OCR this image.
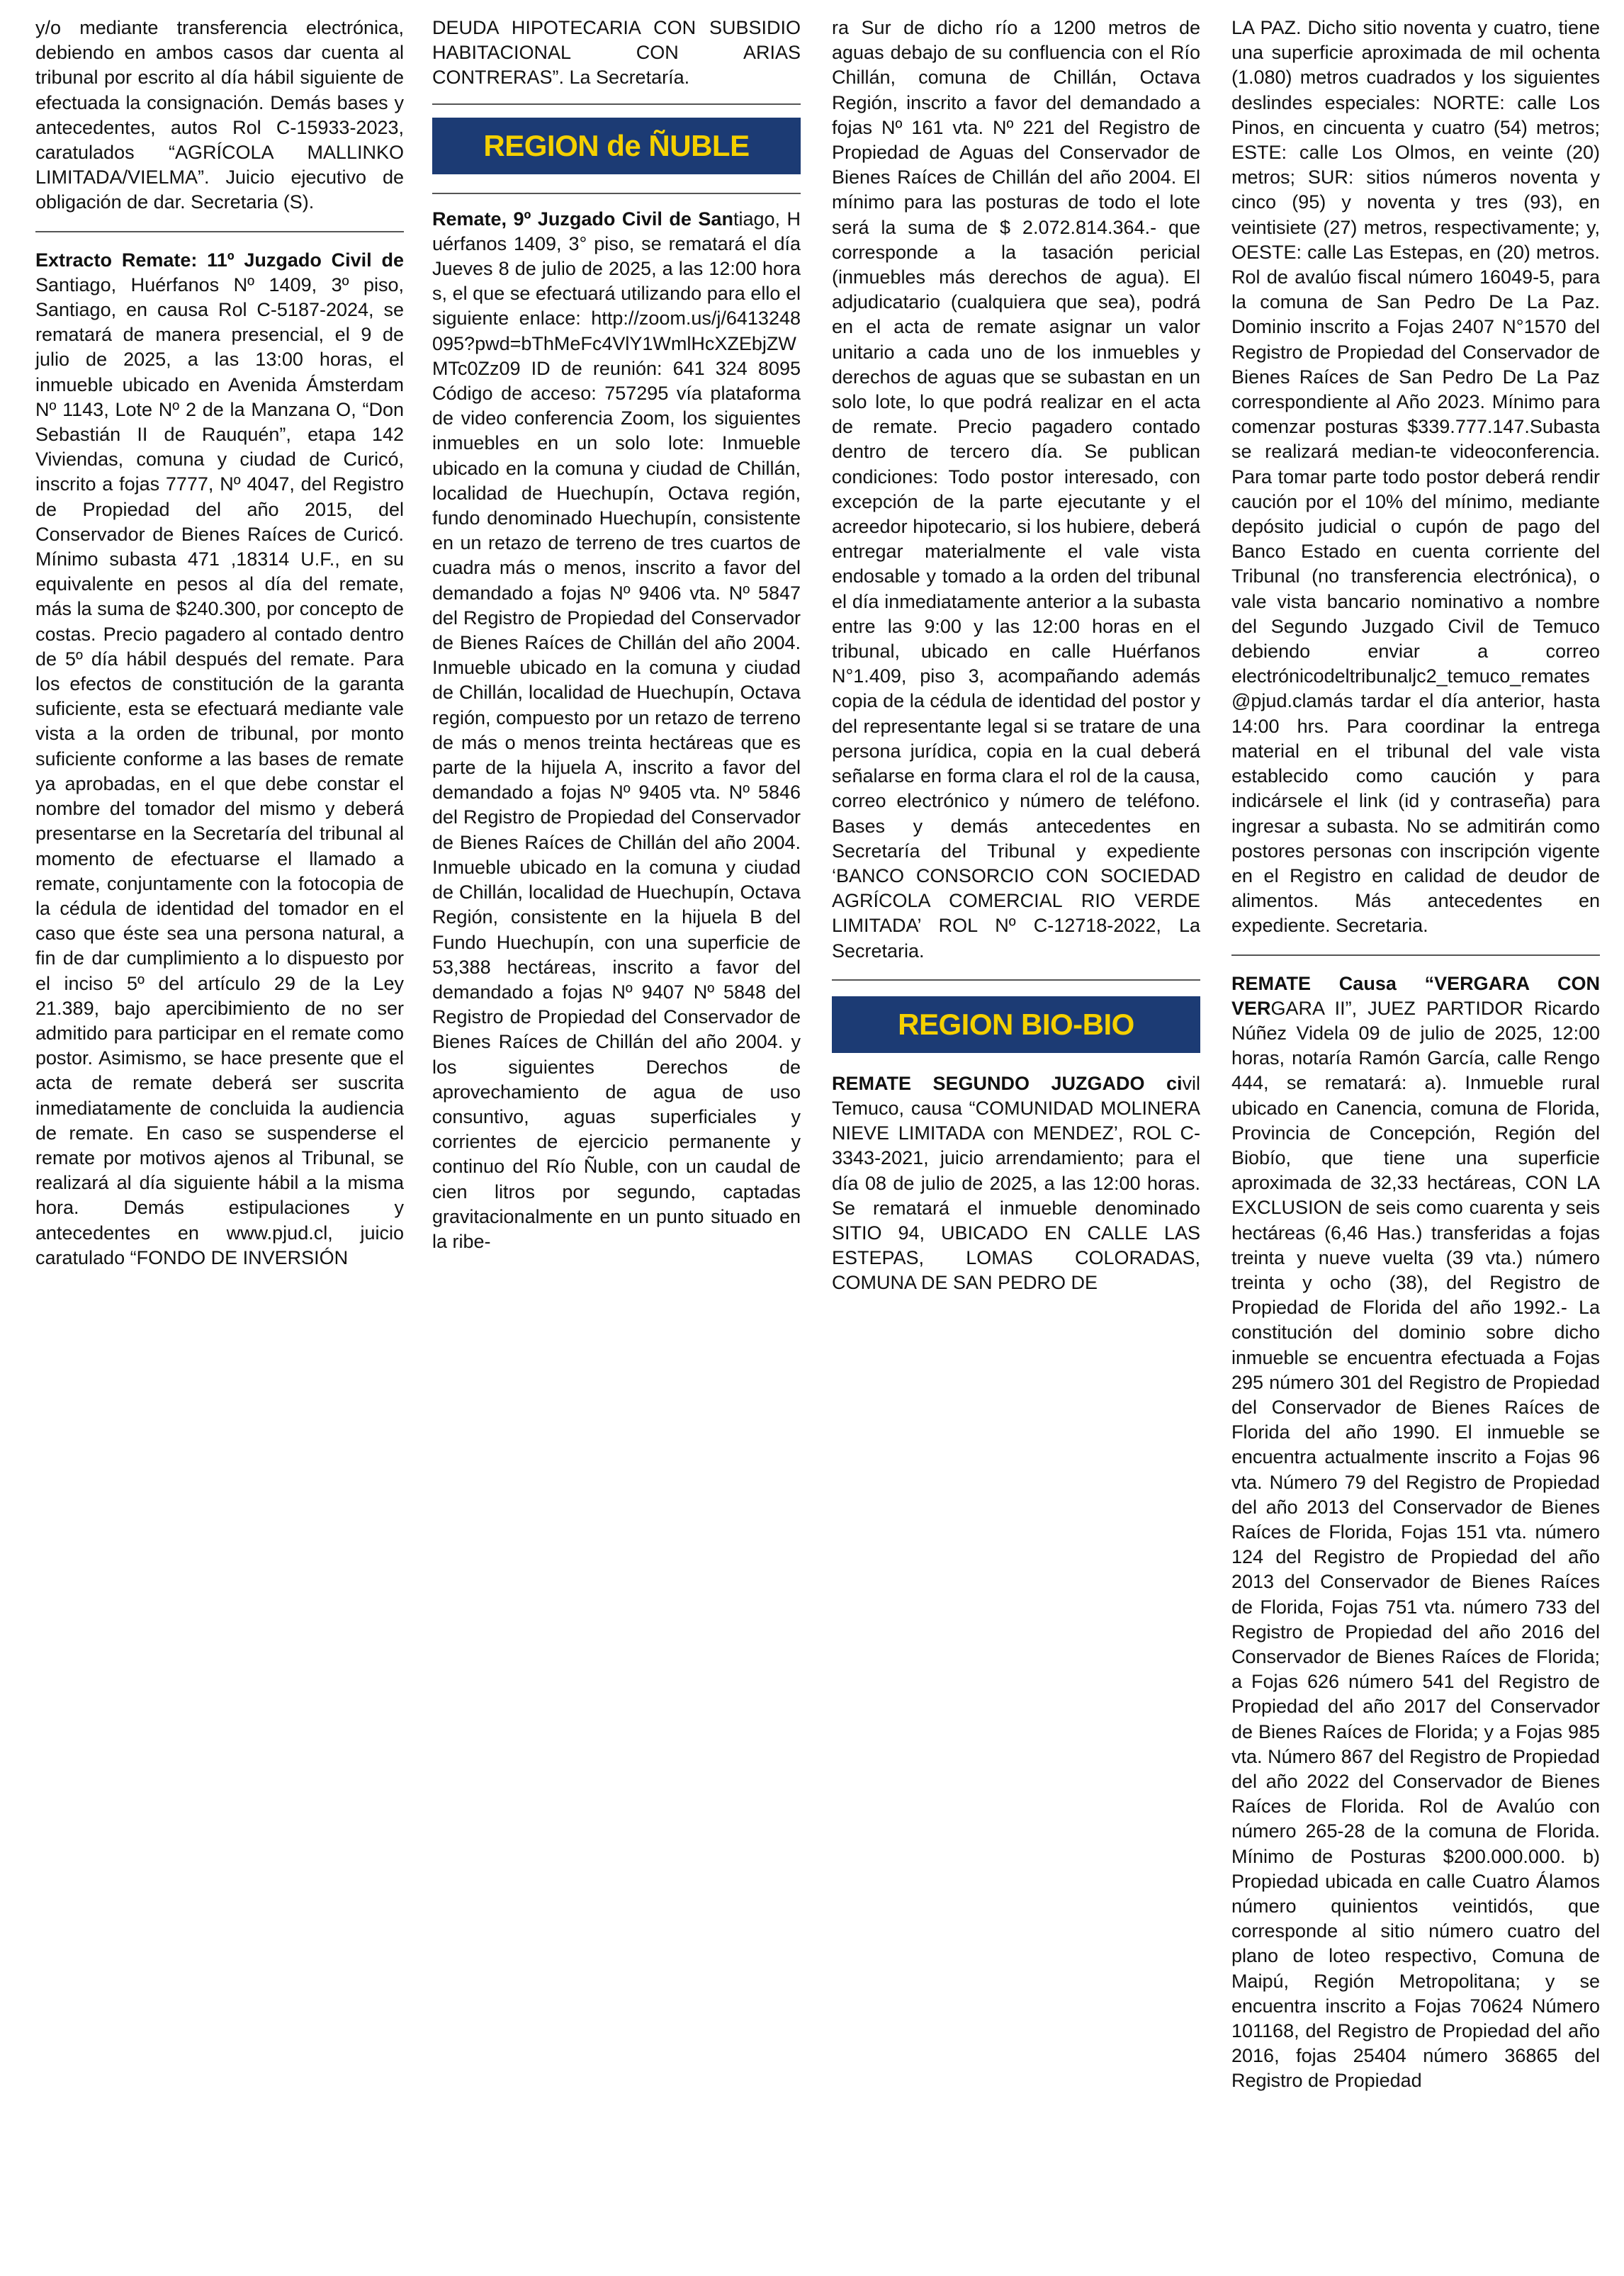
y/o mediante transferencia electrónica, debiendo en ambos casos dar cuenta al tribunal por escrito al día hábil siguiente de efectuada la consignación. Demás bases y antecedentes, autos Rol C-15933-2023, caratulados “AGRÍCOLA MALLINKO LIMITADA/VIELMA”. Juicio ejecutivo de obligación de dar. Secretaria (S).

Extracto Remate: 11º Juzgado Civil de Santiago, Huérfanos Nº 1409, 3º piso, Santiago, en causa Rol C-5187-2024, se rematará de manera presencial, el 9 de julio de 2025, a las 13:00 horas, el inmueble ubicado en Avenida Ámsterdam Nº 1143, Lote Nº 2 de la Manzana O, “Don Sebastián II de Rauquén”, etapa 142 Viviendas, comuna y ciudad de Curicó, inscrito a fojas 7777, Nº 4047, del Registro de Propiedad del año 2015, del Conservador de Bienes Raíces de Curicó. Mínimo subasta 471 ,18314 U.F., en su equivalente en pesos al día del remate, más la suma de $240.300, por concepto de costas. Precio pagadero al contado dentro de 5º día hábil después del remate. Para los efectos de constitución de la garanta suficiente, esta se efectuará mediante vale vista a la orden de tribunal, por monto suficiente conforme a las bases de remate ya aprobadas, en el que debe constar el nombre del tomador del mismo y deberá presentarse en la Secretaría del tribunal al momento de efectuarse el llamado a remate, conjuntamente con la fotocopia de la cédula de identidad del tomador en el caso que éste sea una persona natural, a fin de dar cumplimiento a lo dispuesto por el inciso 5º del artículo 29 de la Ley 21.389, bajo apercibimiento de no ser admitido para participar en el remate como postor. Asimismo, se hace presente que el acta de remate deberá ser suscrita inmediatamente de concluida la audiencia de remate. En caso se suspenderse el remate por motivos ajenos al Tribunal, se realizará al día siguiente hábil a la misma hora. Demás estipulaciones y antecedentes en www.pjud.cl, juicio caratulado “FONDO DE INVERSIÓN

DEUDA HIPOTECARIA CON SUBSIDIO HABITACIONAL CON ARIAS CONTRERAS”. La Secretaría.

REGION de ÑUBLE

Remate, 9º Juzgado Civil de Santiago, Huérfanos 1409, 3° piso, se rematará el día Jueves 8 de julio de 2025, a las 12:00 horas, el que se efectuará utilizando para ello el siguiente enlace: http://zoom.us/j/6413248095?pwd=bThMeFc4VlY1WmlHcXZEbjZWMTc0Zz09 ID de reunión: 641 324 8095 Código de acceso: 757295 vía plataforma de video conferencia Zoom, los siguientes inmuebles en un solo lote: Inmueble ubicado en la comuna y ciudad de Chillán, localidad de Huechupín, Octava región, fundo denominado Huechupín, consistente en un retazo de terreno de tres cuartos de cuadra más o menos, inscrito a favor del demandado a fojas Nº 9406 vta. Nº 5847 del Registro de Propiedad del Conservador de Bienes Raíces de Chillán del año 2004. Inmueble ubicado en la comuna y ciudad de Chillán, localidad de Huechupín, Octava región, compuesto por un retazo de terreno de más o menos treinta hectáreas que es parte de la hijuela A, inscrito a favor del demandado a fojas Nº 9405 vta. Nº 5846 del Registro de Propiedad del Conservador de Bienes Raíces de Chillán del año 2004. Inmueble ubicado en la comuna y ciudad de Chillán, localidad de Huechupín, Octava Región, consistente en la hijuela B del Fundo Huechupín, con una superficie de 53,388 hectáreas, inscrito a favor del demandado a fojas Nº 9407 Nº 5848 del Registro de Propiedad del Conservador de Bienes Raíces de Chillán del año 2004. y los siguientes Derechos de aprovechamiento de agua de uso consuntivo, aguas superficiales y corrientes de ejercicio permanente y continuo del Río Ñuble, con un caudal de cien litros por segundo, captadas gravitacionalmente en un punto situado en la ribe-

ra Sur de dicho río a 1200 metros de aguas debajo de su confluencia con el Río Chillán, comuna de Chillán, Octava Región, inscrito a favor del demandado a fojas Nº 161 vta. Nº 221 del Registro de Propiedad de Aguas del Conservador de Bienes Raíces de Chillán del año 2004. El mínimo para las posturas de todo el lote será la suma de $ 2.072.814.364.- que corresponde a la tasación pericial (inmuebles más derechos de agua). El adjudicatario (cualquiera que sea), podrá en el acta de remate asignar un valor unitario a cada uno de los inmuebles y derechos de aguas que se subastan en un solo lote, lo que podrá realizar en el acta de remate. Precio pagadero contado dentro de tercero día. Se publican condiciones: Todo postor interesado, con excepción de la parte ejecutante y el acreedor hipotecario, si los hubiere, deberá entregar materialmente el vale vista endosable y tomado a la orden del tribunal el día inmediatamente anterior a la subasta entre las 9:00 y las 12:00 horas en el tribunal, ubicado en calle Huérfanos N°1.409, piso 3, acompañando además copia de la cédula de identidad del postor y del representante legal si se tratare de una persona jurídica, copia en la cual deberá señalarse en forma clara el rol de la causa, correo electrónico y número de teléfono. Bases y demás antecedentes en Secretaría del Tribunal y expediente ‘BANCO CONSORCIO CON SOCIEDAD AGRÍCOLA COMERCIAL RIO VERDE LIMITADA’ ROL Nº C-12718-2022, La Secretaria.

REGION BIO-BIO

REMATE SEGUNDO JUZGADO civil Temuco, causa “COMUNIDAD MOLINERA NIEVE LIMITADA con MENDEZ’, ROL C-3343-2021, juicio arrendamiento; para el día 08 de julio de 2025, a las 12:00 horas. Se rematará el inmueble denominado SITIO 94, UBICADO EN CALLE LAS ESTEPAS, LOMAS COLORADAS, COMUNA DE SAN PEDRO DE

LA PAZ. Dicho sitio noventa y cuatro, tiene una superficie aproximada de mil ochenta (1.080) metros cuadrados y los siguientes deslindes especiales: NORTE: calle Los Pinos, en cincuenta y cuatro (54) metros; ESTE: calle Los Olmos, en veinte (20) metros; SUR: sitios números noventa y cinco (95) y noventa y tres (93), en veintisiete (27) metros, respectivamente; y, OESTE: calle Las Estepas, en (20) metros. Rol de avalúo fiscal número 16049-5, para la comuna de San Pedro De La Paz. Dominio inscrito a Fojas 2407 N°1570 del Registro de Propiedad del Conservador de Bienes Raíces de San Pedro De La Paz correspondiente al Año 2023. Mínimo para comenzar posturas $339.777.147.Subasta se realizará median-te videoconferencia. Para tomar parte todo postor deberá rendir caución por el 10% del mínimo, mediante depósito judicial o cupón de pago del Banco Estado en cuenta corriente del Tribunal (no transferencia electrónica), o vale vista bancario nominativo a nombre del Segundo Juzgado Civil de Temuco debiendo enviar a correo electrónicodeltribunaljc2_temuco_remates@pjud.clamás tardar el día anterior, hasta 14:00 hrs. Para coordinar la entrega material en el tribunal del vale vista establecido como caución y para indicársele el link (id y contraseña) para ingresar a subasta. No se admitirán como postores personas con inscripción vigente en el Registro en calidad de deudor de alimentos. Más antecedentes en expediente. Secretaria.

REMATE Causa “VERGARA CON VERGARA II”, JUEZ PARTIDOR Ricardo Núñez Videla 09 de julio de 2025, 12:00 horas, notaría Ramón García, calle Rengo 444, se rematará: a). Inmueble rural ubicado en Canencia, comuna de Florida, Provincia de Concepción, Región del Biobío, que tiene una superficie aproximada de 32,33 hectáreas, CON LA EXCLUSION de seis como cuarenta y seis hectáreas (6,46 Has.) transferidas a fojas treinta y nueve vuelta (39 vta.) número treinta y ocho (38), del Registro de Propiedad de Florida del año 1992.- La constitución del dominio sobre dicho inmueble se encuentra efectuada a Fojas 295 número 301 del Registro de Propiedad del Conservador de Bienes Raíces de Florida del año 1990. El inmueble se encuentra actualmente inscrito a Fojas 96 vta. Número 79 del Registro de Propiedad del año 2013 del Conservador de Bienes Raíces de Florida, Fojas 151 vta. número 124 del Registro de Propiedad del año 2013 del Conservador de Bienes Raíces de Florida, Fojas 751 vta. número 733 del Registro de Propiedad del año 2016 del Conservador de Bienes Raíces de Florida; a Fojas 626 número 541 del Registro de Propiedad del año 2017 del Conservador de Bienes Raíces de Florida; y a Fojas 985 vta. Número 867 del Registro de Propiedad del año 2022 del Conservador de Bienes Raíces de Florida. Rol de Avalúo con número 265-28 de la comuna de Florida. Mínimo de Posturas $200.000.000. b) Propiedad ubicada en calle Cuatro Álamos número quinientos veintidós, que corresponde al sitio número cuatro del plano de loteo respectivo, Comuna de Maipú, Región Metropolitana; y se encuentra inscrito a Fojas 70624 Número 101168, del Registro de Propiedad del año 2016, fojas 25404 número 36865 del Registro de Propiedad
